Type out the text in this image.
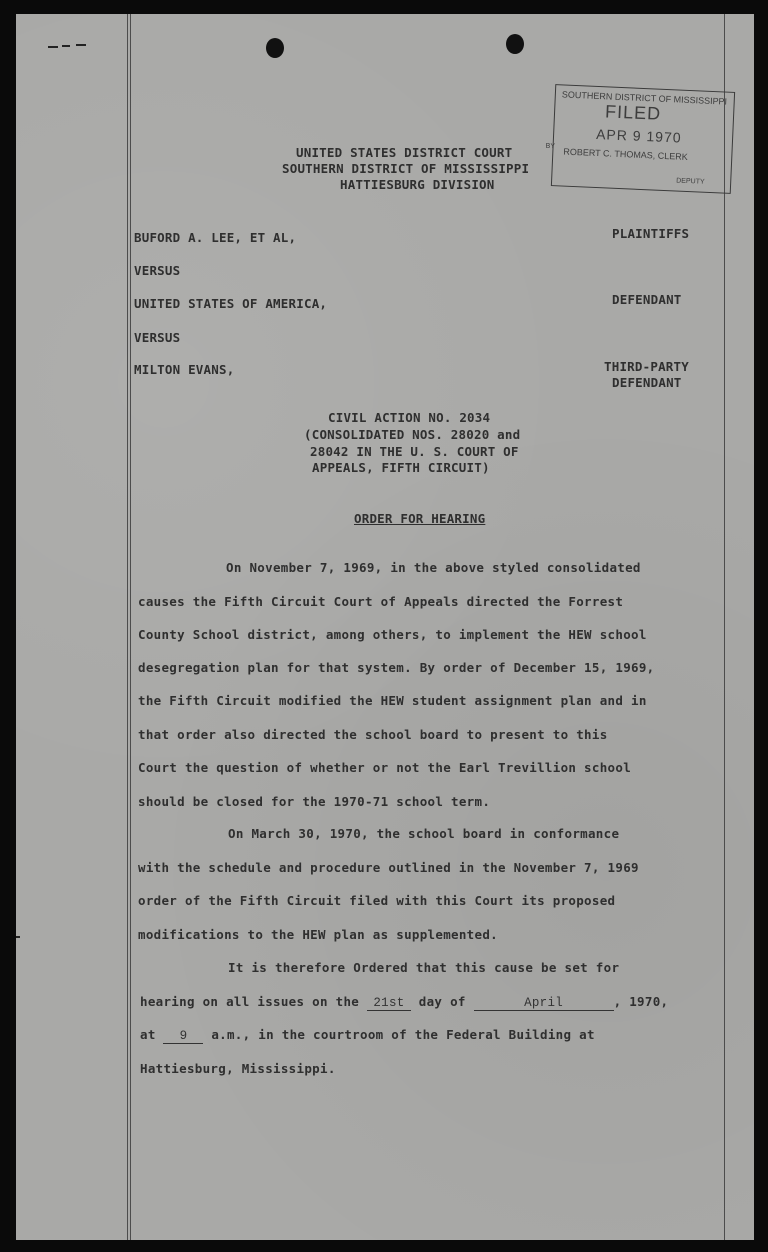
SOUTHERN DISTRICT OF MISSISSIPPI

FILED

APR 9 1970

BY

ROBERT C. THOMAS, CLERK

DEPUTY

UNITED STATES DISTRICT COURT

SOUTHERN DISTRICT OF MISSISSIPPI

HATTIESBURG DIVISION

BUFORD A. LEE, ET AL,	PLAINTIFFS

VERSUS

UNITED STATES OF AMERICA,	DEFENDANT

VERSUS

MILTON EVANS,	THIRD-PARTY

DEFENDANT

CIVIL ACTION NO. 2034

(CONSOLIDATED NOS. 28020 and

28042 IN THE U. S. COURT OF

APPEALS, FIFTH CIRCUIT)

ORDER FOR HEARING

On November 7, 1969, in the above styled consolidated

causes the Fifth Circuit Court of Appeals directed the Forrest

County School district, among others, to implement the HEW school

desegregation plan for that system. By order of December 15, 1969,

the Fifth Circuit modified the HEW student assignment plan and in

that order also directed the school board to present to this

Court the question of whether or not the Earl Trevillion school

should be closed for the 1970-71 school term.

On March 30, 1970, the school board in conformance

with the schedule and procedure outlined in the November 7, 1969

order of the Fifth Circuit filed with this Court its proposed

modifications to the HEW plan as supplemented.

It is therefore Ordered that this cause be set for

hearing on all issues on the 21st day of	April	, 1970,

at 9 a.m., in the courtroom of the Federal Building at

Hattiesburg, Mississippi.
